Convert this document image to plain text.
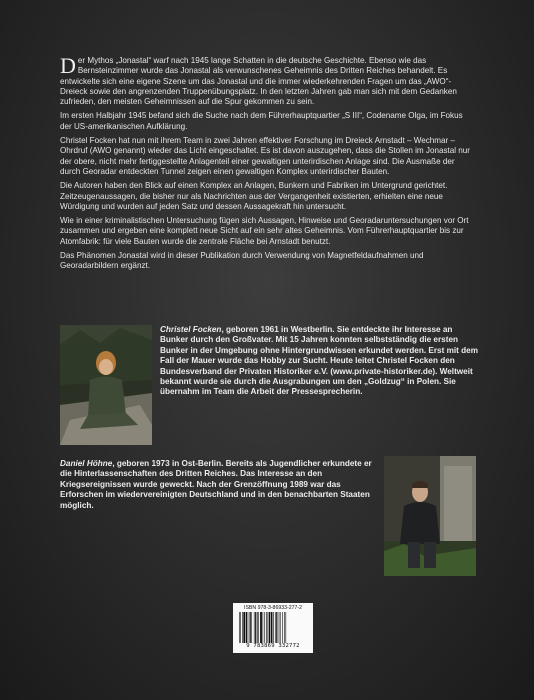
Der Mythos „Jonastal“ warf nach 1945 lange Schatten in die deutsche Geschichte. Ebenso wie das Bernsteinzimmer wurde das Jonastal als verwunschenes Geheimnis des Dritten Reiches behandelt. Es entwickelte sich eine eigene Szene um das Jonastal und die immer wiederkehrenden Fragen um das „AWO“-Dreieck sowie den angrenzenden Truppenübungsplatz. In den letzten Jahren gab man sich mit dem Gedanken zufrieden, den meisten Geheimnissen auf die Spur gekommen zu sein.

Im ersten Halbjahr 1945 befand sich die Suche nach dem Führerhauptquartier „S III“, Codename Olga, im Fokus der US-amerikanischen Aufklärung.

Christel Focken hat nun mit ihrem Team in zwei Jahren effektiver Forschung im Dreieck Arnstadt – Wechmar – Ohrdruf (AWO genannt) wieder das Licht eingeschaltet. Es ist davon auszugehen, dass die Stollen im Jonastal nur der obere, nicht mehr fertiggestellte Anlagenteil einer gewaltigen unterirdischen Anlage sind. Die Ausmaße der durch Georadar entdeckten Tunnel zeigen einen gewaltigen Komplex unterirdischer Bauten.

Die Autoren haben den Blick auf einen Komplex an Anlagen, Bunkern und Fabriken im Untergrund gerichtet. Zeitzeugenaussagen, die bisher nur als Nachrichten aus der Vergangenheit existierten, erhielten eine neue Würdigung und wurden auf jeden Satz und dessen Aussagekraft hin untersucht.

Wie in einer kriminalistischen Untersuchung fügen sich Aussagen, Hinweise und Georadaruntersuchungen vor Ort zusammen und ergeben eine komplett neue Sicht auf ein sehr altes Geheimnis. Vom Führerhauptquartier bis zur Atomfabrik: für viele Bauten wurde die zentrale Fläche bei Arnstadt benutzt.

Das Phänomen Jonastal wird in dieser Publikation durch Verwendung von Magnetfeldaufnahmen und Georadarbildern ergänzt.

Christel Focken, geboren 1961 in Westberlin. Sie entdeckte ihr Interesse an Bunker durch den Großvater. Mit 15 Jahren konnten selbstständig die ersten Bunker in der Umgebung ohne Hintergrundwissen erkundet werden. Erst mit dem Fall der Mauer wurde das Hobby zur Sucht. Heute leitet Christel Focken den Bundesverband der Privaten Historiker e.V. (www.private-historiker.de). Weltweit bekannt wurde sie durch die Ausgrabungen um den „Goldzug“ in Polen. Sie übernahm im Team die Arbeit der Pressesprecherin.

Daniel Höhne, geboren 1973 in Ost-Berlin. Bereits als Jugendlicher erkundete er die Hinterlassenschaften des Dritten Reiches. Das Interesse an den Kriegsereignissen wurde geweckt. Nach der Grenzöffnung 1989 war das Erforschen im wiedervereinigten Deutschland und in den benachbarten Staaten möglich.

ISBN 978-3-86933-277-2
9 783869 332772
